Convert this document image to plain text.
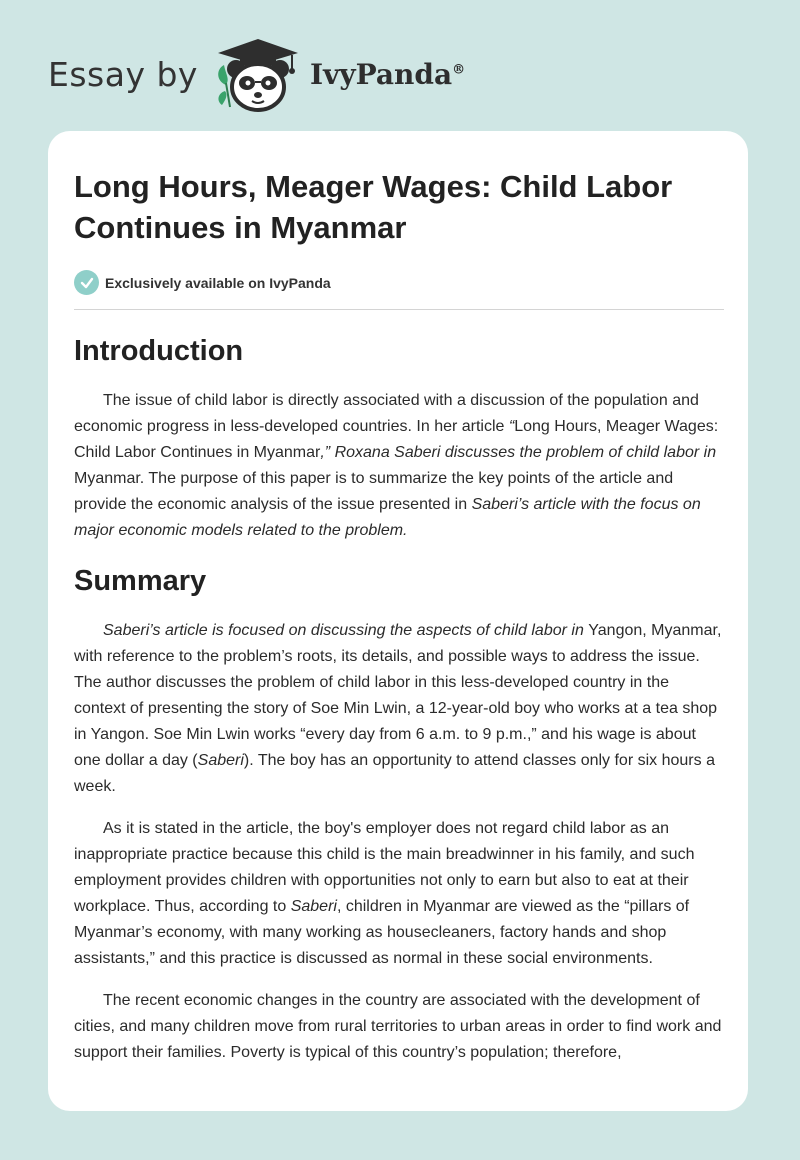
Essay by	IvyPanda®
Long Hours, Meager Wages: Child Labor Continues in Myanmar
Exclusively available on IvyPanda
Introduction

The issue of child labor is directly associated with a discussion of the population and economic progress in less-developed countries. In her article “Long Hours, Meager Wages: Child Labor Continues in Myanmar,” Roxana Saberi discusses the problem of child labor in Myanmar. The purpose of this paper is to summarize the key points of the article and provide the economic analysis of the issue presented in Saberi’s article with the focus on major economic models related to the problem.

Summary

Saberi’s article is focused on discussing the aspects of child labor in Yangon, Myanmar, with reference to the problem’s roots, its details, and possible ways to address the issue. The author discusses the problem of child labor in this less-developed country in the context of presenting the story of Soe Min Lwin, a 12-year-old boy who works at a tea shop in Yangon. Soe Min Lwin works “every day from 6 a.m. to 9 p.m.,” and his wage is about one dollar a day (Saberi). The boy has an opportunity to attend classes only for six hours a week.

As it is stated in the article, the boy's employer does not regard child labor as an inappropriate practice because this child is the main breadwinner in his family, and such employment provides children with opportunities not only to earn but also to eat at their workplace. Thus, according to Saberi, children in Myanmar are viewed as the “pillars of Myanmar’s economy, with many working as housecleaners, factory hands and shop assistants,” and this practice is discussed as normal in these social environments.

The recent economic changes in the country are associated with the development of cities, and many children move from rural territories to urban areas in order to find work and support their families. Poverty is typical of this country’s population; therefore,
